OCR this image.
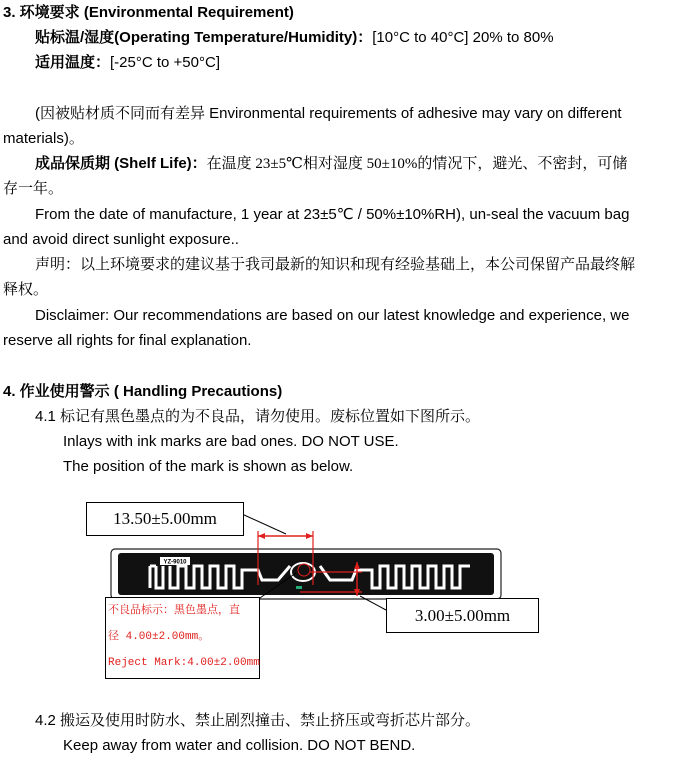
3. 环境要求 (Environmental Requirement)
贴标温/湿度(Operating Temperature/Humidity)：[10°C to 40°C] 20% to 80%
适用温度：[-25°C to +50°C]
(因被贴材质不同而有差异 Environmental requirements of adhesive may vary on different
materials)。
成品保质期 (Shelf Life)：在温度 23±5℃相对湿度 50±10%的情况下，避光、不密封，可储
存一年。
From the date of manufacture, 1 year at 23±5℃ / 50%±10%RH), un-seal the vacuum bag
and avoid direct sunlight exposure..
声明：以上环境要求的建议基于我司最新的知识和现有经验基础上，本公司保留产品最终解
释权。
Disclaimer: Our recommendations are based on our latest knowledge and experience, we
reserve all rights for final explanation.
4. 作业使用警示 ( Handling Precautions)
4.1 标记有黑色墨点的为不良品，请勿使用。废标位置如下图所示。
Inlays with ink marks are bad ones. DO NOT USE.
The position of the mark is shown as below.
YZ-9010
13.50±5.00mm
3.00±5.00mm
不良品标示：黑色墨点，直
径 4.00±2.00mm。
Reject Mark:4.00±2.00mm
4.2 搬运及使用时防水、禁止剧烈撞击、禁止挤压或弯折芯片部分。
Keep away from water and collision. DO NOT BEND.
